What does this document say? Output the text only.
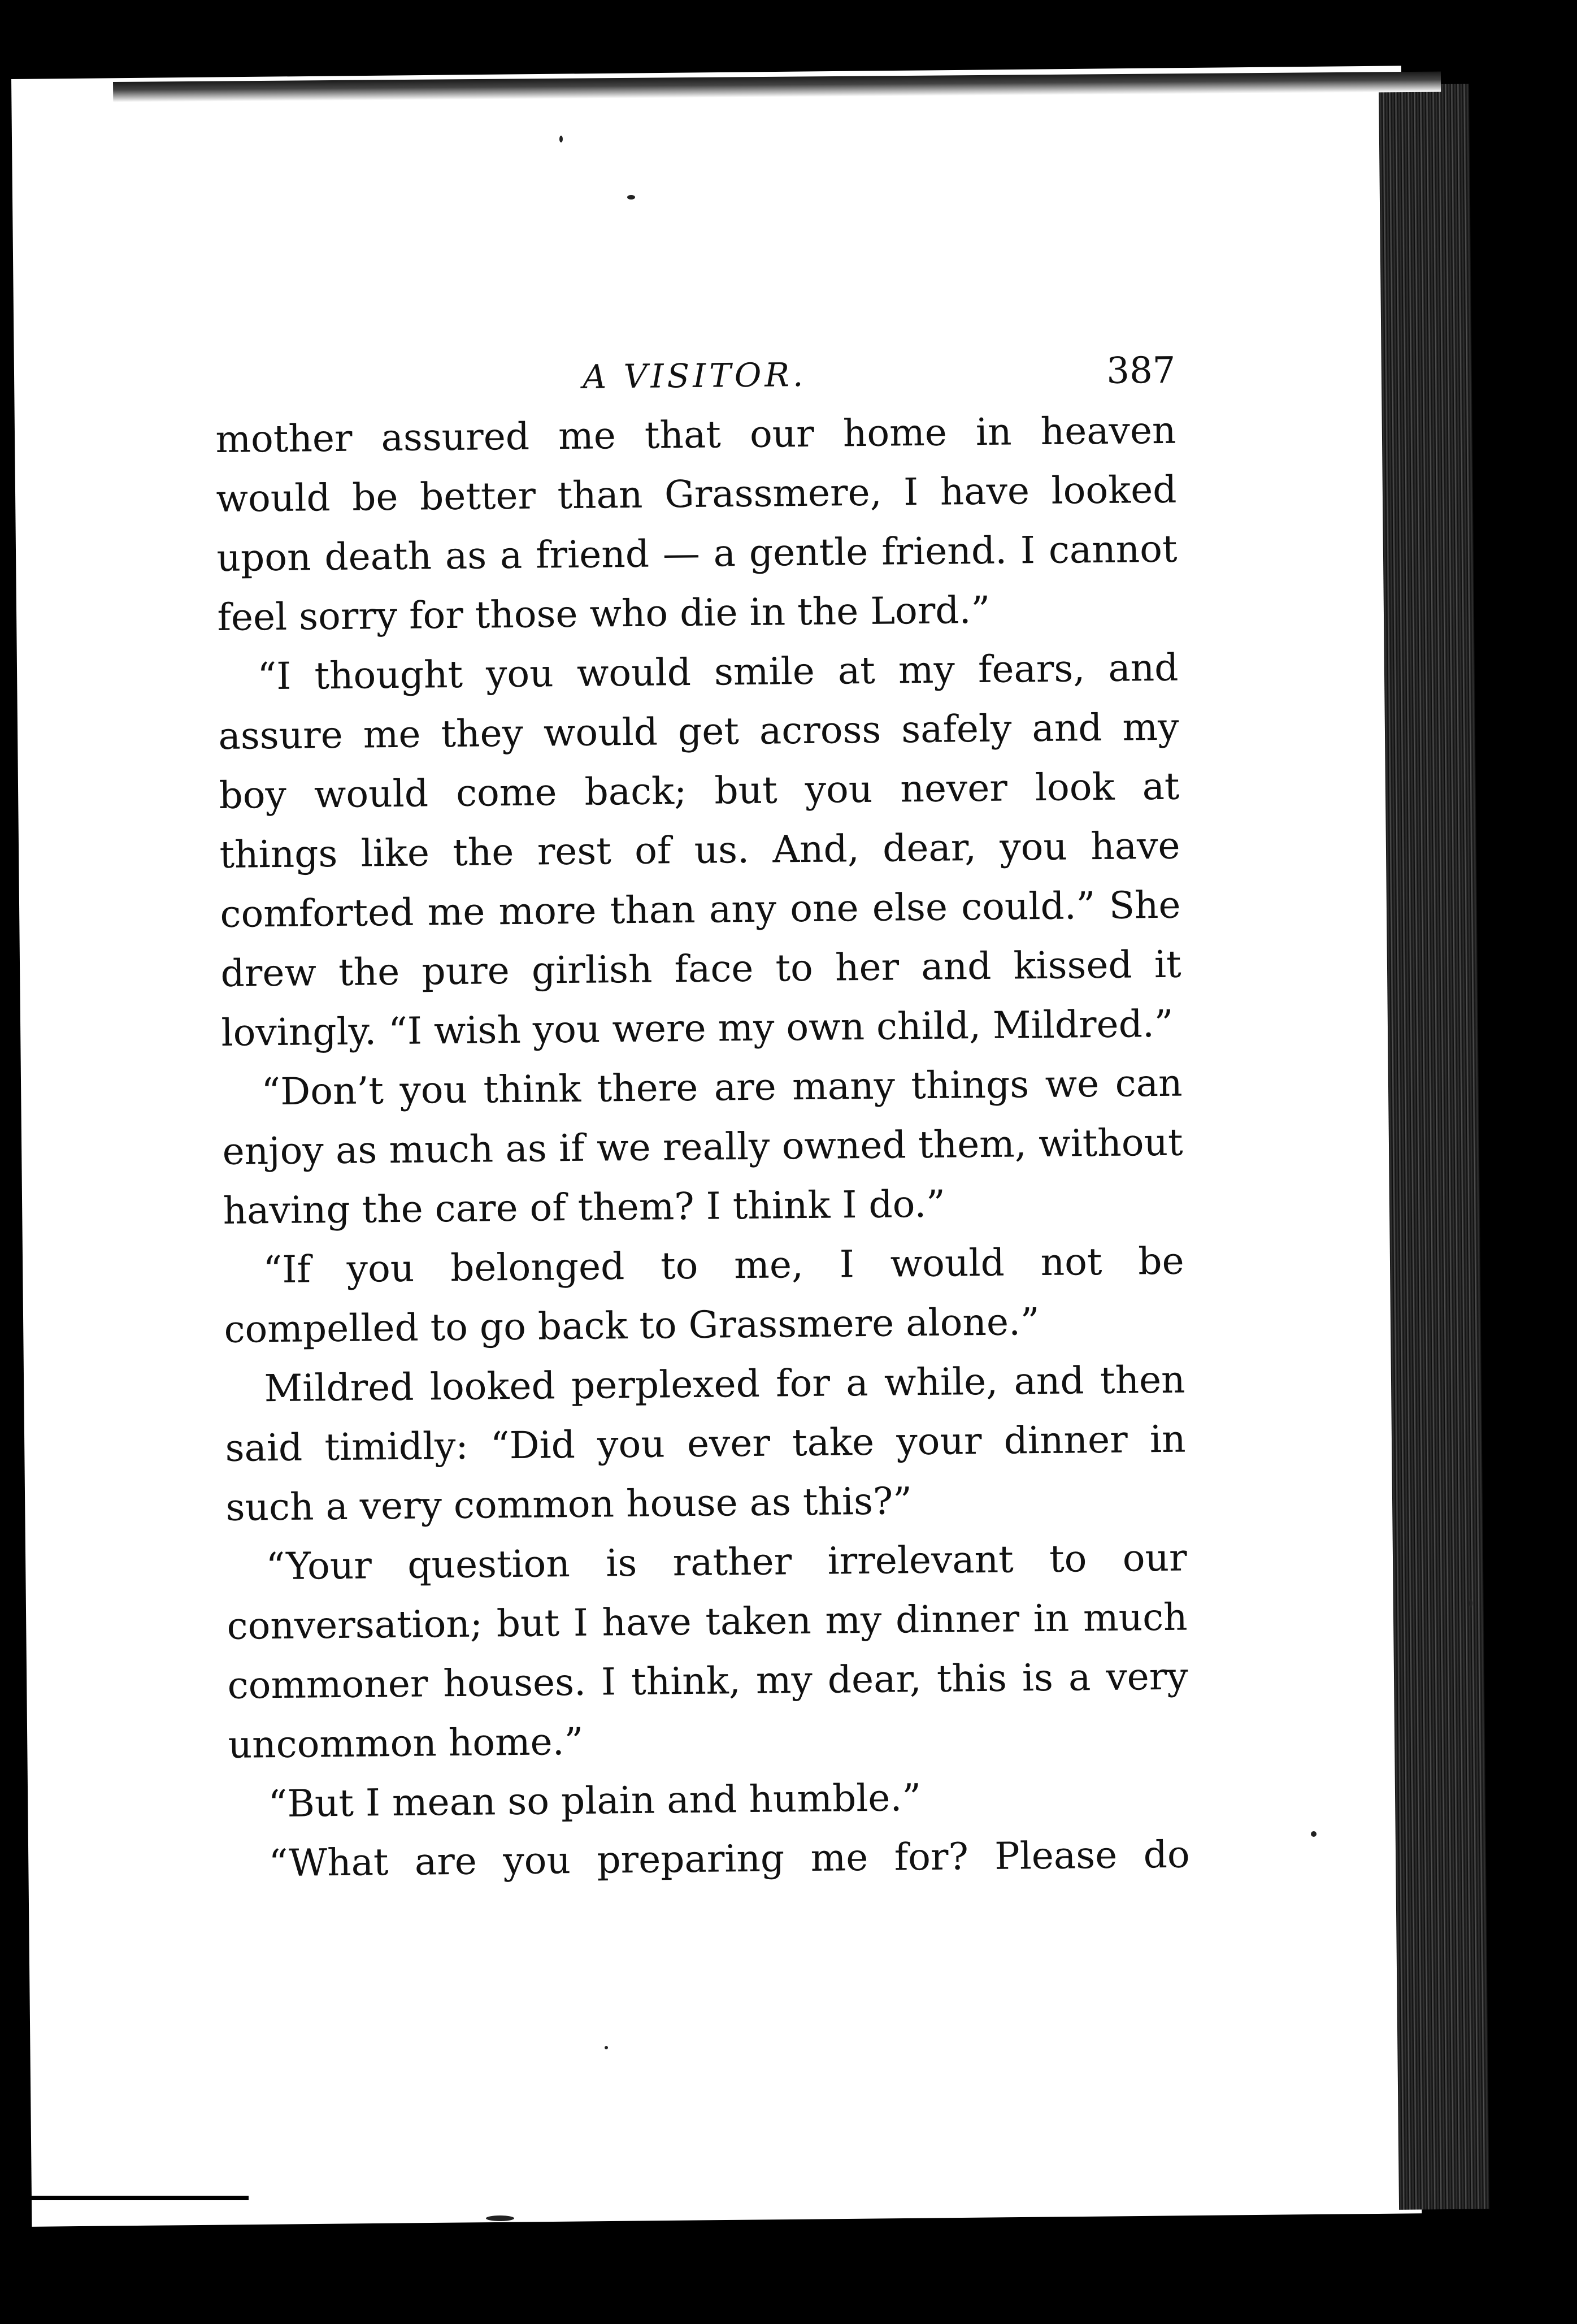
A VISITOR.	387

mother assured me that our home in heaven would be better than Grassmere, I have looked upon death as a friend — a gentle friend. I cannot feel sorry for those who die in the Lord.”

“I thought you would smile at my fears, and assure me they would get across safely and my boy would come back; but you never look at things like the rest of us. And, dear, you have comforted me more than any one else could.” She drew the pure girlish face to her and kissed it lovingly. “I wish you were my own child, Mildred.”

“Don’t you think there are many things we can enjoy as much as if we really owned them, without having the care of them? I think I do.”

“If you belonged to me, I would not be compelled to go back to Grassmere alone.”

Mildred looked perplexed for a while, and then said timidly: “Did you ever take your dinner in such a very common house as this?”

“Your question is rather irrelevant to our conversation; but I have taken my dinner in much commoner houses. I think, my dear, this is a very uncommon home.”

“But I mean so plain and humble.”

“What are you preparing me for? Please do
